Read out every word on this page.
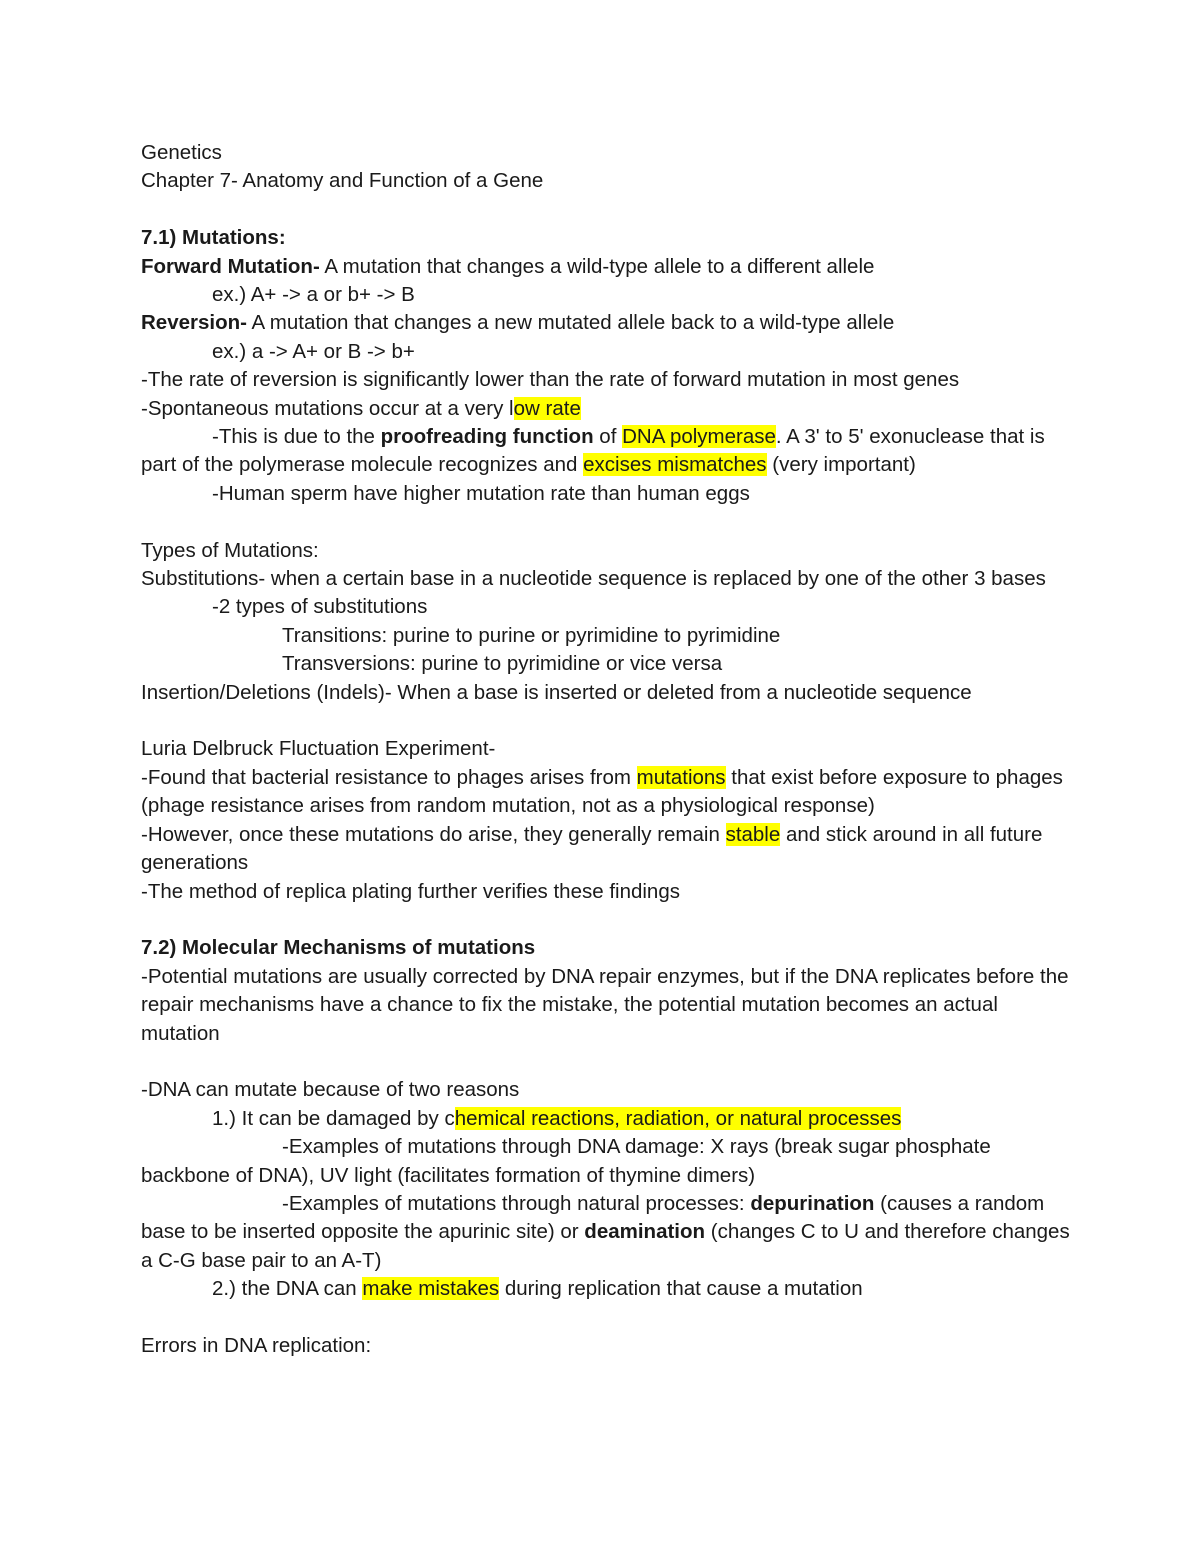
Genetics
Chapter 7- Anatomy and Function of a Gene
7.1) Mutations:
Forward Mutation- A mutation that changes a wild-type allele to a different allele
ex.) A+ -> a or b+ -> B
Reversion- A mutation that changes a new mutated allele back to a wild-type allele
ex.) a -> A+ or B -> b+
-The rate of reversion is significantly lower than the rate of forward mutation in most genes
-Spontaneous mutations occur at a very low rate
-This is due to the proofreading function of DNA polymerase. A 3' to 5' exonuclease that is part of the polymerase molecule recognizes and excises mismatches (very important)
-Human sperm have higher mutation rate than human eggs
Types of Mutations:
Substitutions- when a certain base in a nucleotide sequence is replaced by one of the other 3 bases
-2 types of substitutions
Transitions: purine to purine or pyrimidine to pyrimidine
Transversions: purine to pyrimidine or vice versa
Insertion/Deletions (Indels)- When a base is inserted or deleted from a nucleotide sequence
Luria Delbruck Fluctuation Experiment-
-Found that bacterial resistance to phages arises from mutations that exist before exposure to phages (phage resistance arises from random mutation, not as a physiological response)
-However, once these mutations do arise, they generally remain stable and stick around in all future generations
-The method of replica plating further verifies these findings
7.2) Molecular Mechanisms of mutations
-Potential mutations are usually corrected by DNA repair enzymes, but if the DNA replicates before the repair mechanisms have a chance to fix the mistake, the potential mutation becomes an actual mutation
-DNA can mutate because of two reasons
1.) It can be damaged by chemical reactions, radiation, or natural processes
-Examples of mutations through DNA damage: X rays (break sugar phosphate backbone of DNA), UV light (facilitates formation of thymine dimers)
-Examples of mutations through natural processes: depurination (causes a random base to be inserted opposite the apurinic site) or deamination (changes C to U and therefore changes a C-G base pair to an A-T)
2.) the DNA can make mistakes during replication that cause a mutation
Errors in DNA replication:
